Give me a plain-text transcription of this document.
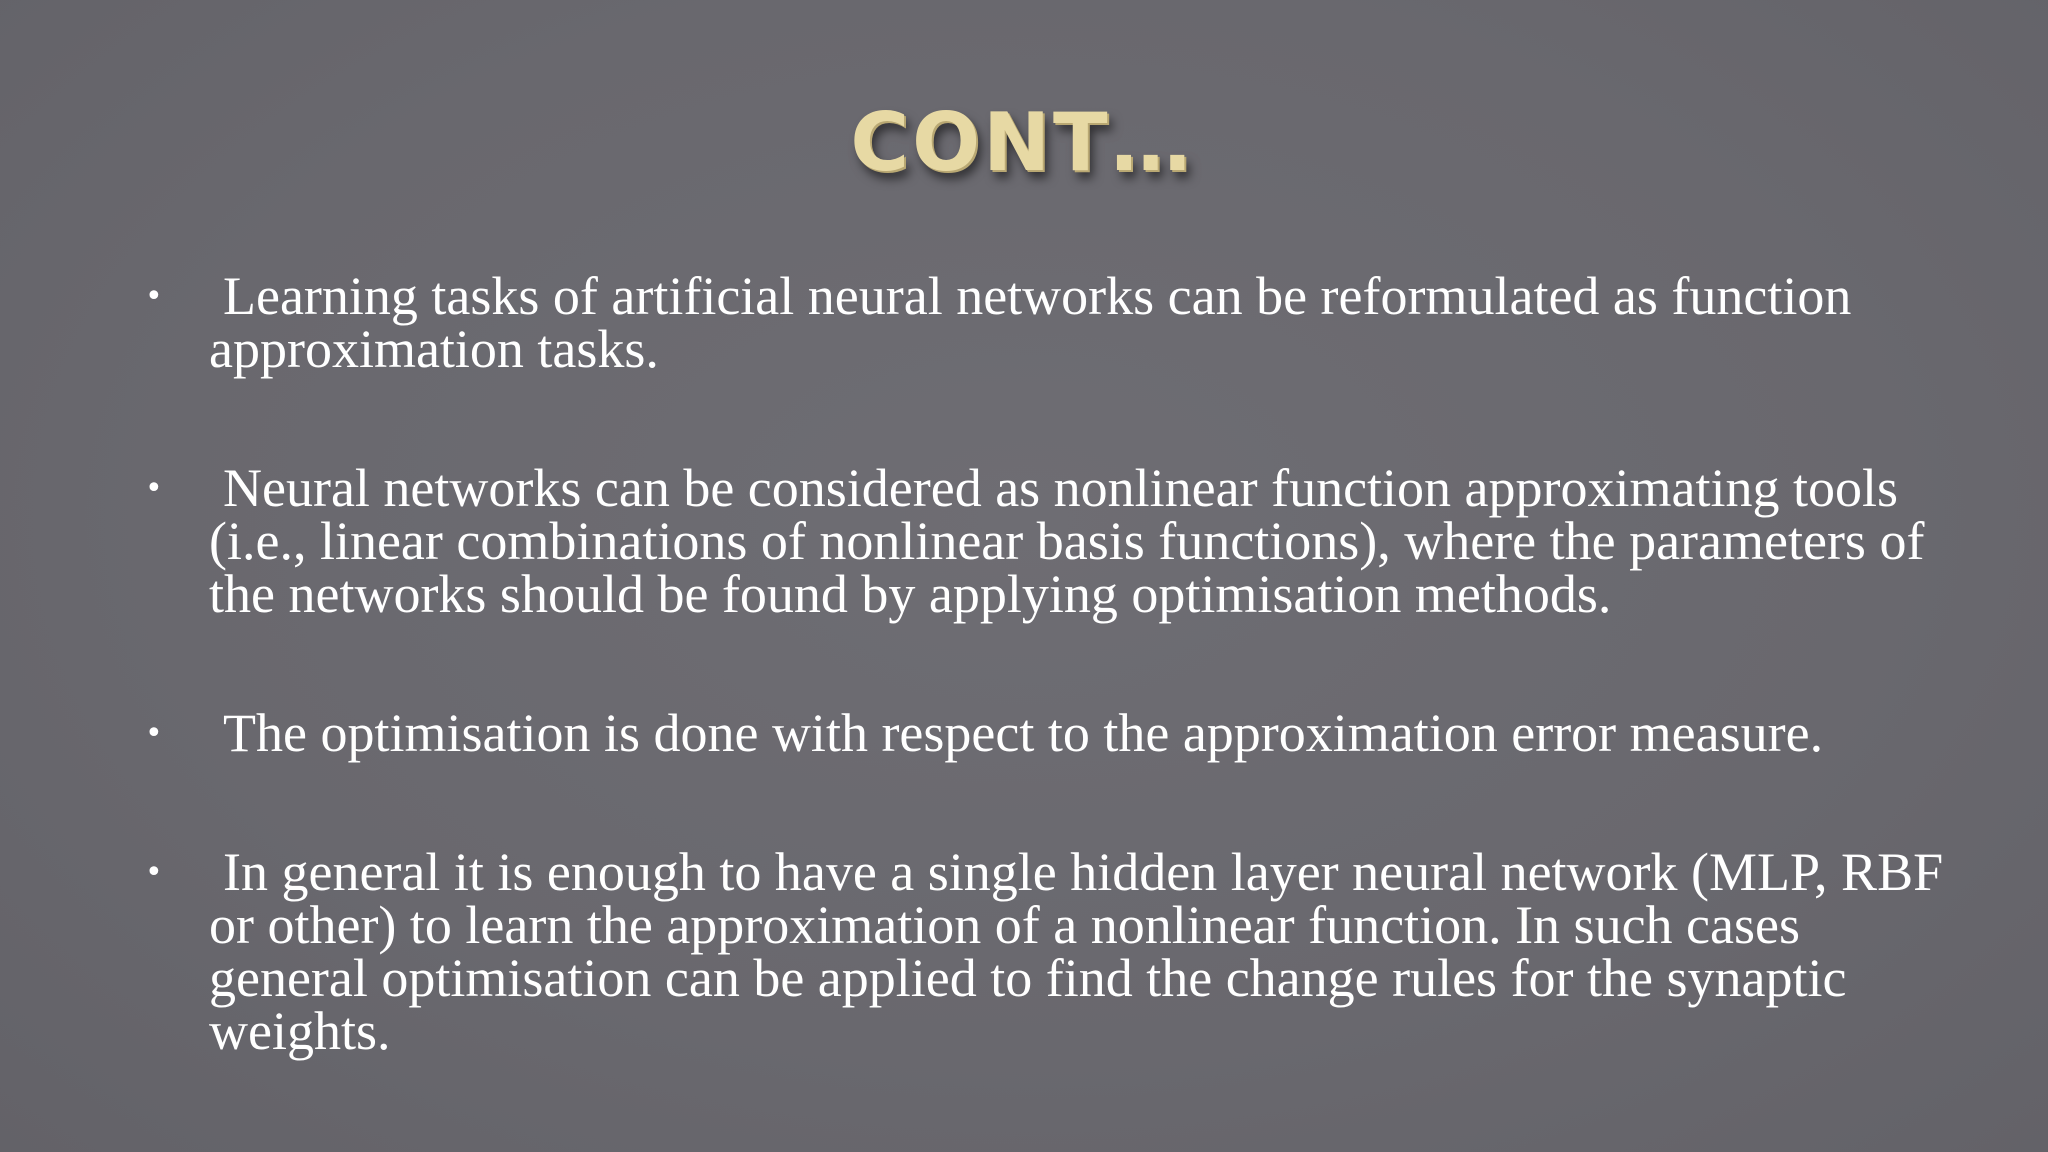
CONT…
• Learning tasks of artificial neural networks can be reformulated as function approximation tasks.
• Neural networks can be considered as nonlinear function approximating tools (i.e., linear combinations of nonlinear basis functions), where the parameters of the networks should be found by applying optimisation methods.
• The optimisation is done with respect to the approximation error measure.
• In general it is enough to have a single hidden layer neural network (MLP, RBF or other) to learn the approximation of a nonlinear function. In such cases general optimisation can be applied to find the change rules for the synaptic weights.
